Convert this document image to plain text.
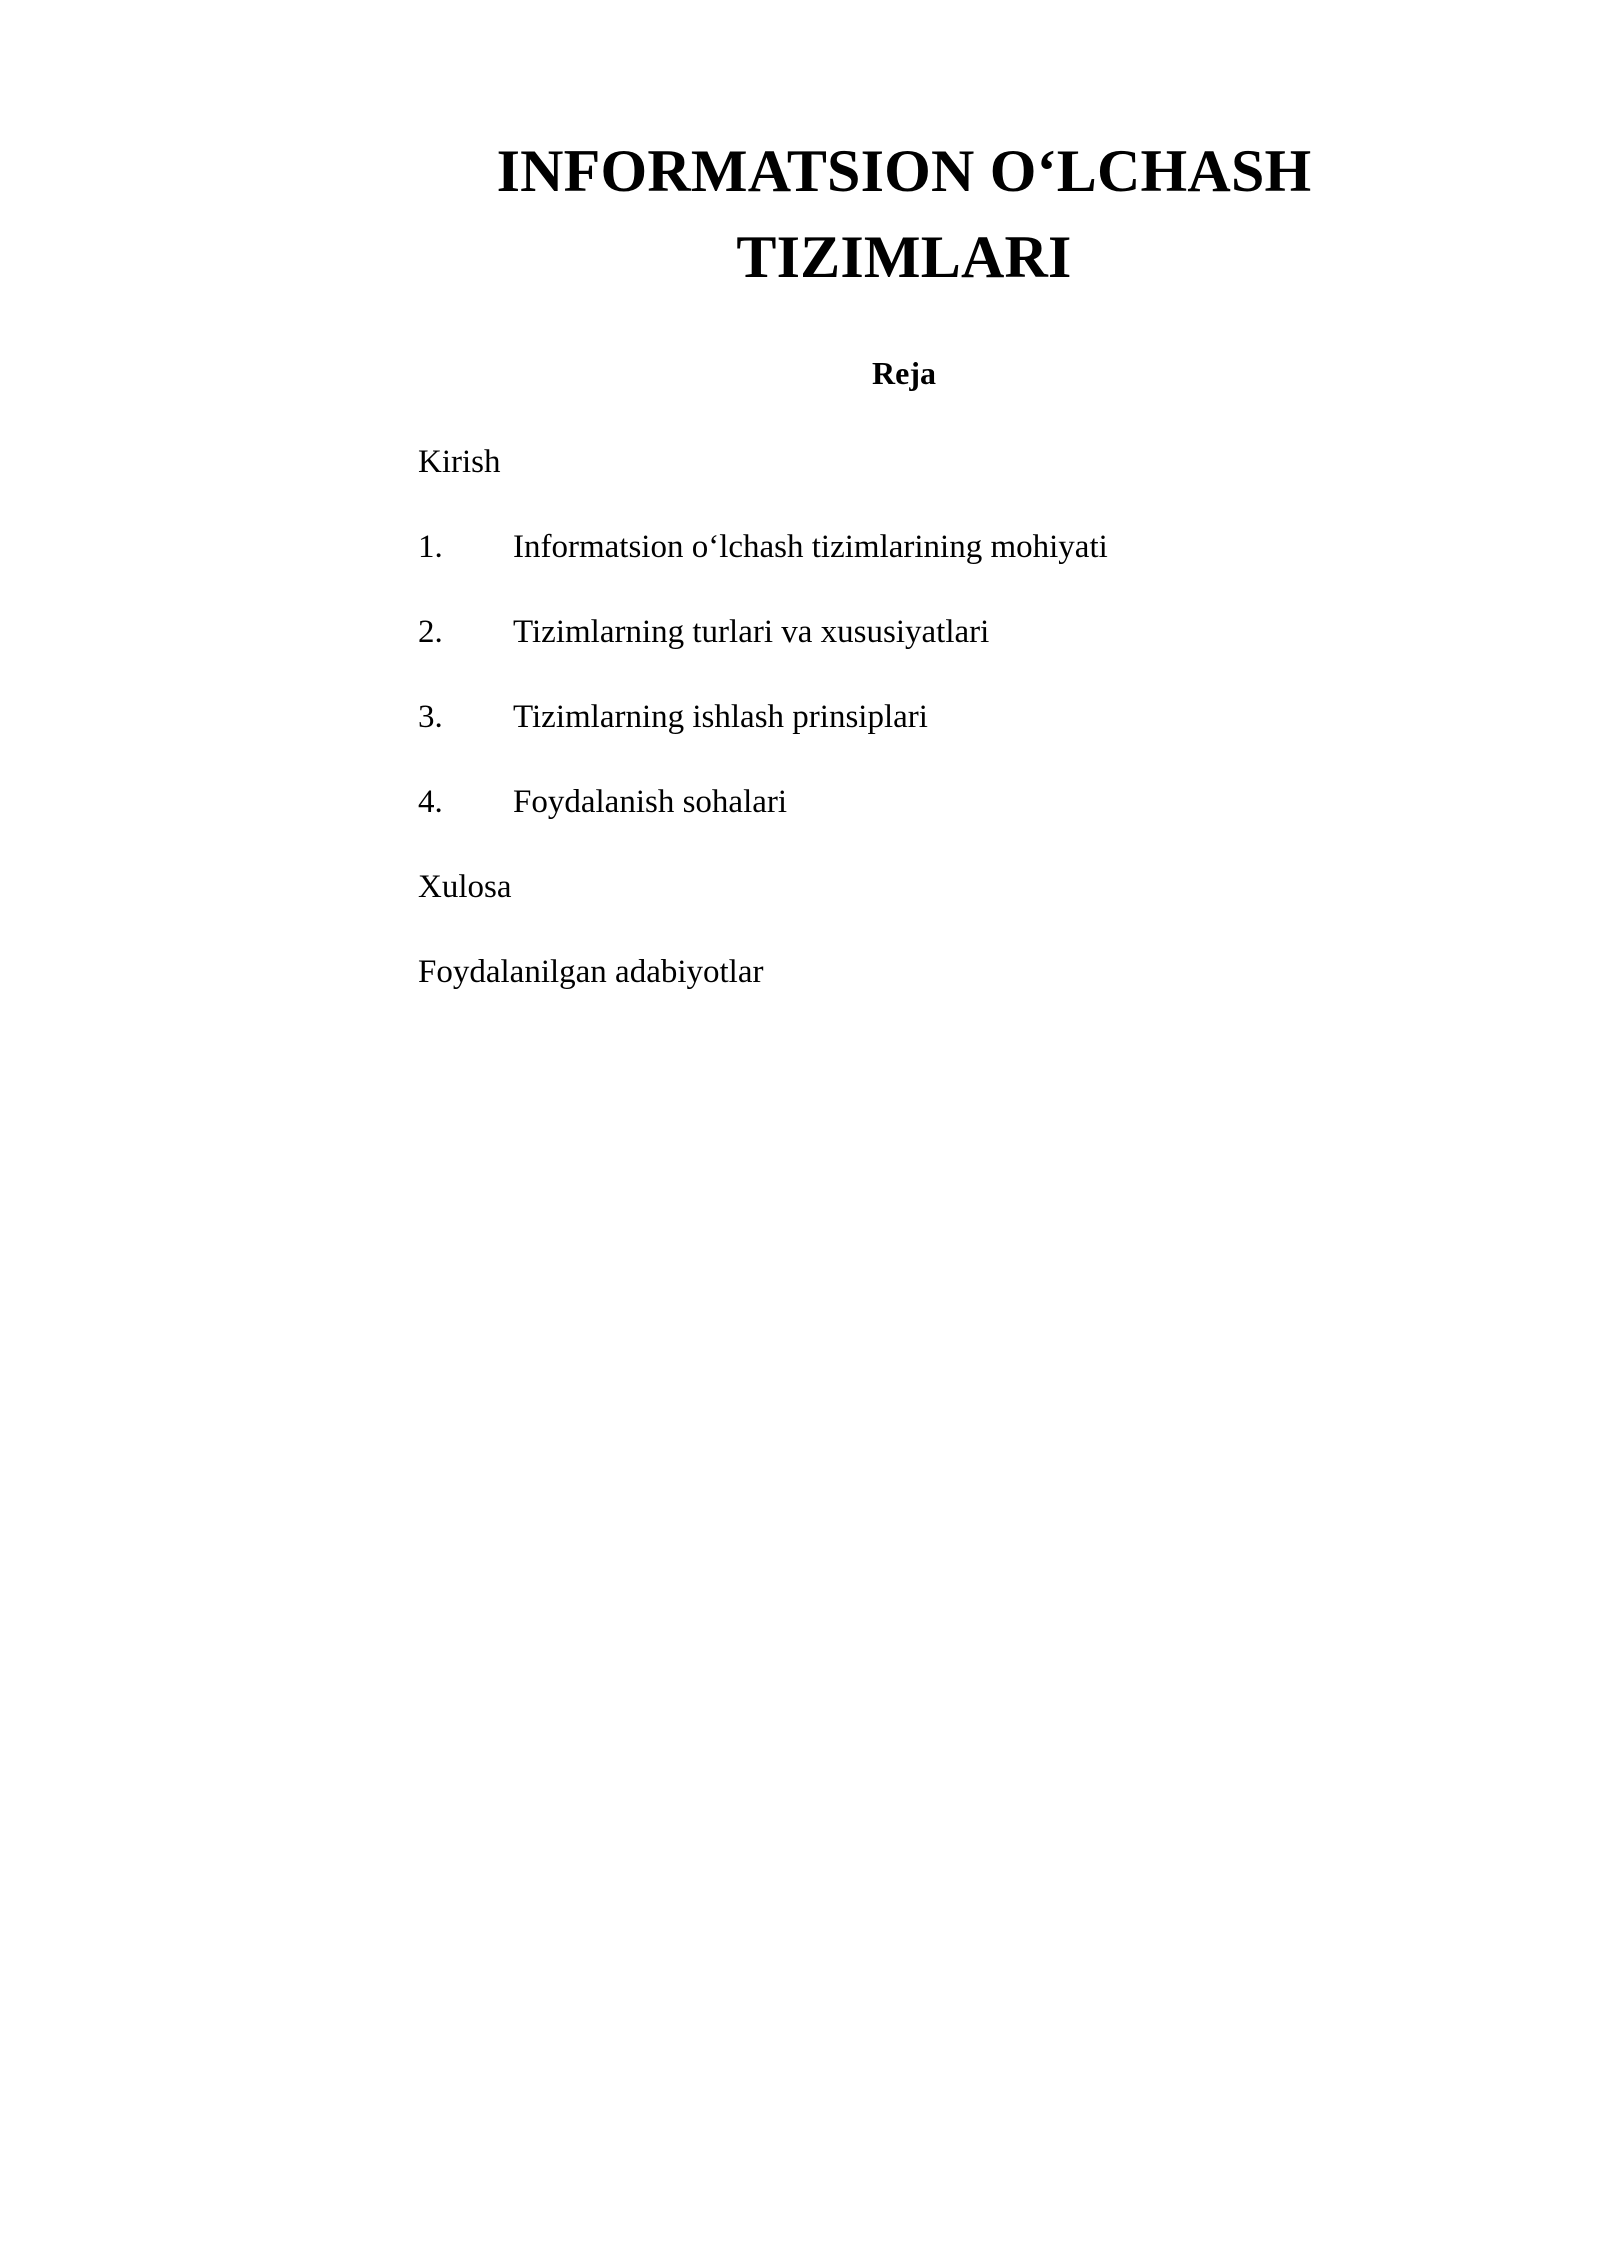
INFORMATSION O‘LCHASH
TIZIMLARI
Reja

Kirish

1.	Informatsion o‘lchash tizimlarining mohiyati
2.	Tizimlarning turlari va xususiyatlari
3.	Tizimlarning ishlash prinsiplari
4.	Foydalanish sohalari

Xulosa

Foydalanilgan adabiyotlar
